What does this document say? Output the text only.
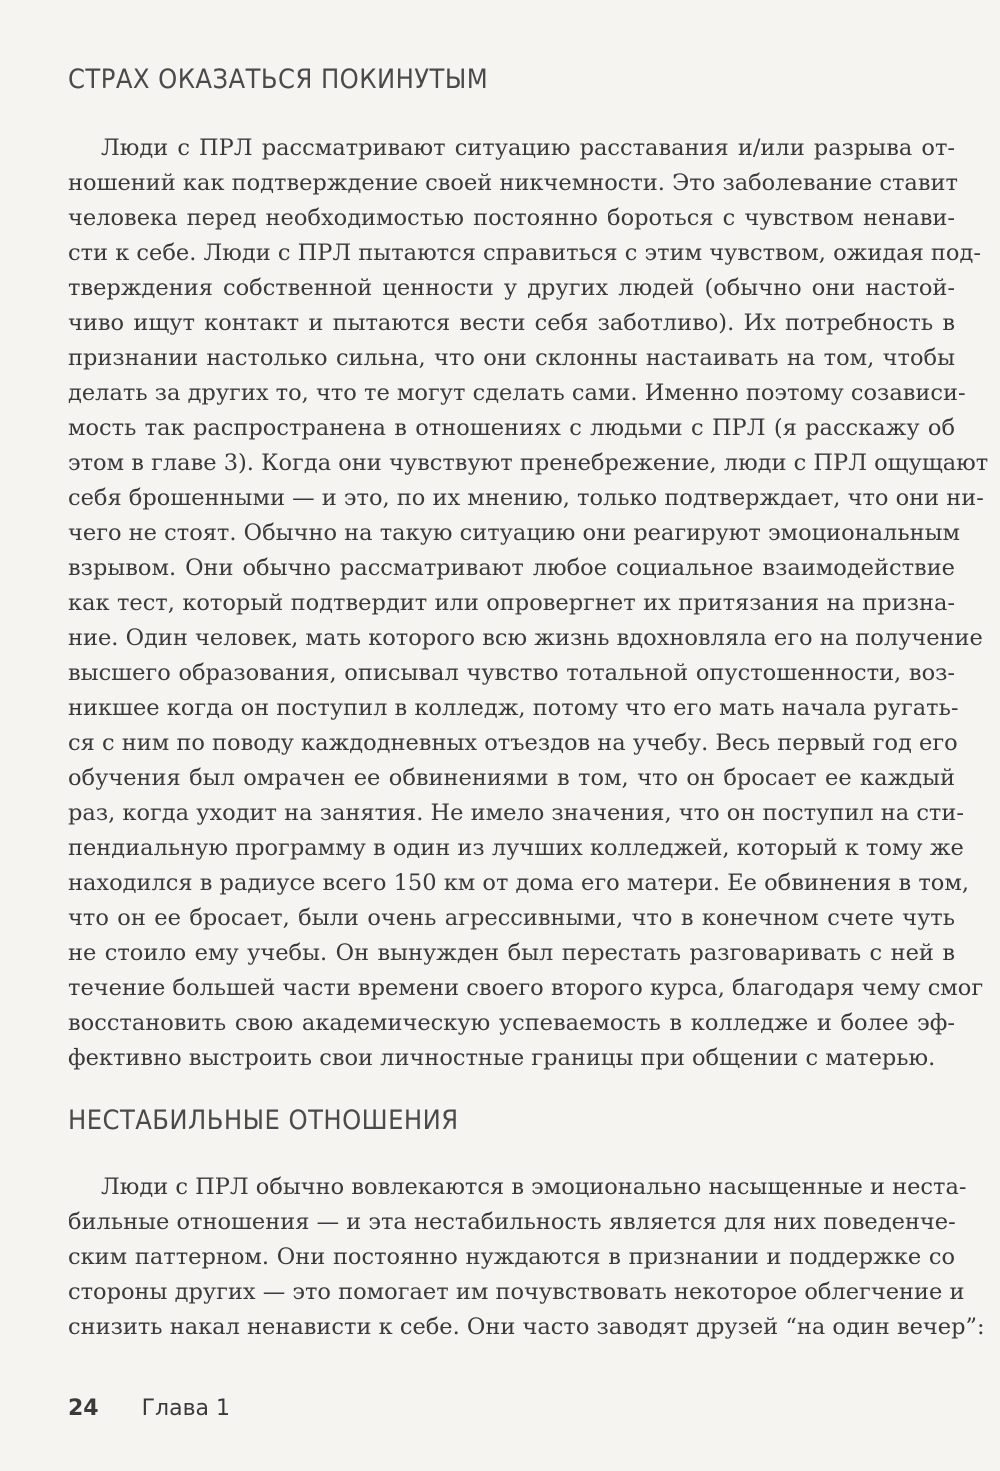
СТРАХ ОКАЗАТЬСЯ ПОКИНУТЫМ
Люди с ПРЛ рассматривают ситуацию расставания и/или разрыва от-
ношений как подтверждение своей никчемности. Это заболевание ставит
человека перед необходимостью постоянно бороться с чувством ненави-
сти к себе. Люди с ПРЛ пытаются справиться с этим чувством, ожидая под-
тверждения собственной ценности у других людей (обычно они настой-
чиво ищут контакт и пытаются вести себя заботливо). Их потребность в
признании настолько сильна, что они склонны настаивать на том, чтобы
делать за других то, что те могут сделать сами. Именно поэтому созависи-
мость так распространена в отношениях с людьми с ПРЛ (я расскажу об
этом в главе 3). Когда они чувствуют пренебрежение, люди с ПРЛ ощущают
себя брошенными — и это, по их мнению, только подтверждает, что они ни-
чего не стоят. Обычно на такую ситуацию они реагируют эмоциональным
взрывом. Они обычно рассматривают любое социальное взаимодействие
как тест, который подтвердит или опровергнет их притязания на призна-
ние. Один человек, мать которого всю жизнь вдохновляла его на получение
высшего образования, описывал чувство тотальной опустошенности, воз-
никшее когда он поступил в колледж, потому что его мать начала ругать-
ся с ним по поводу каждодневных отъездов на учебу. Весь первый год его
обучения был омрачен ее обвинениями в том, что он бросает ее каждый
раз, когда уходит на занятия. Не имело значения, что он поступил на сти-
пендиальную программу в один из лучших колледжей, который к тому же
находился в радиусе всего 150 км от дома его матери. Ее обвинения в том,
что он ее бросает, были очень агрессивными, что в конечном счете чуть
не стоило ему учебы. Он вынужден был перестать разговаривать с ней в
течение большей части времени своего второго курса, благодаря чему смог
восстановить свою академическую успеваемость в колледже и более эф-
фективно выстроить свои личностные границы при общении с матерью.
НЕСТАБИЛЬНЫЕ ОТНОШЕНИЯ
Люди с ПРЛ обычно вовлекаются в эмоционально насыщенные и неста-
бильные отношения — и эта нестабильность является для них поведенче-
ским паттерном. Они постоянно нуждаются в признании и поддержке со
стороны других — это помогает им почувствовать некоторое облегчение и
снизить накал ненависти к себе. Они часто заводят друзей “на один вечер”:
24 Глава 1
